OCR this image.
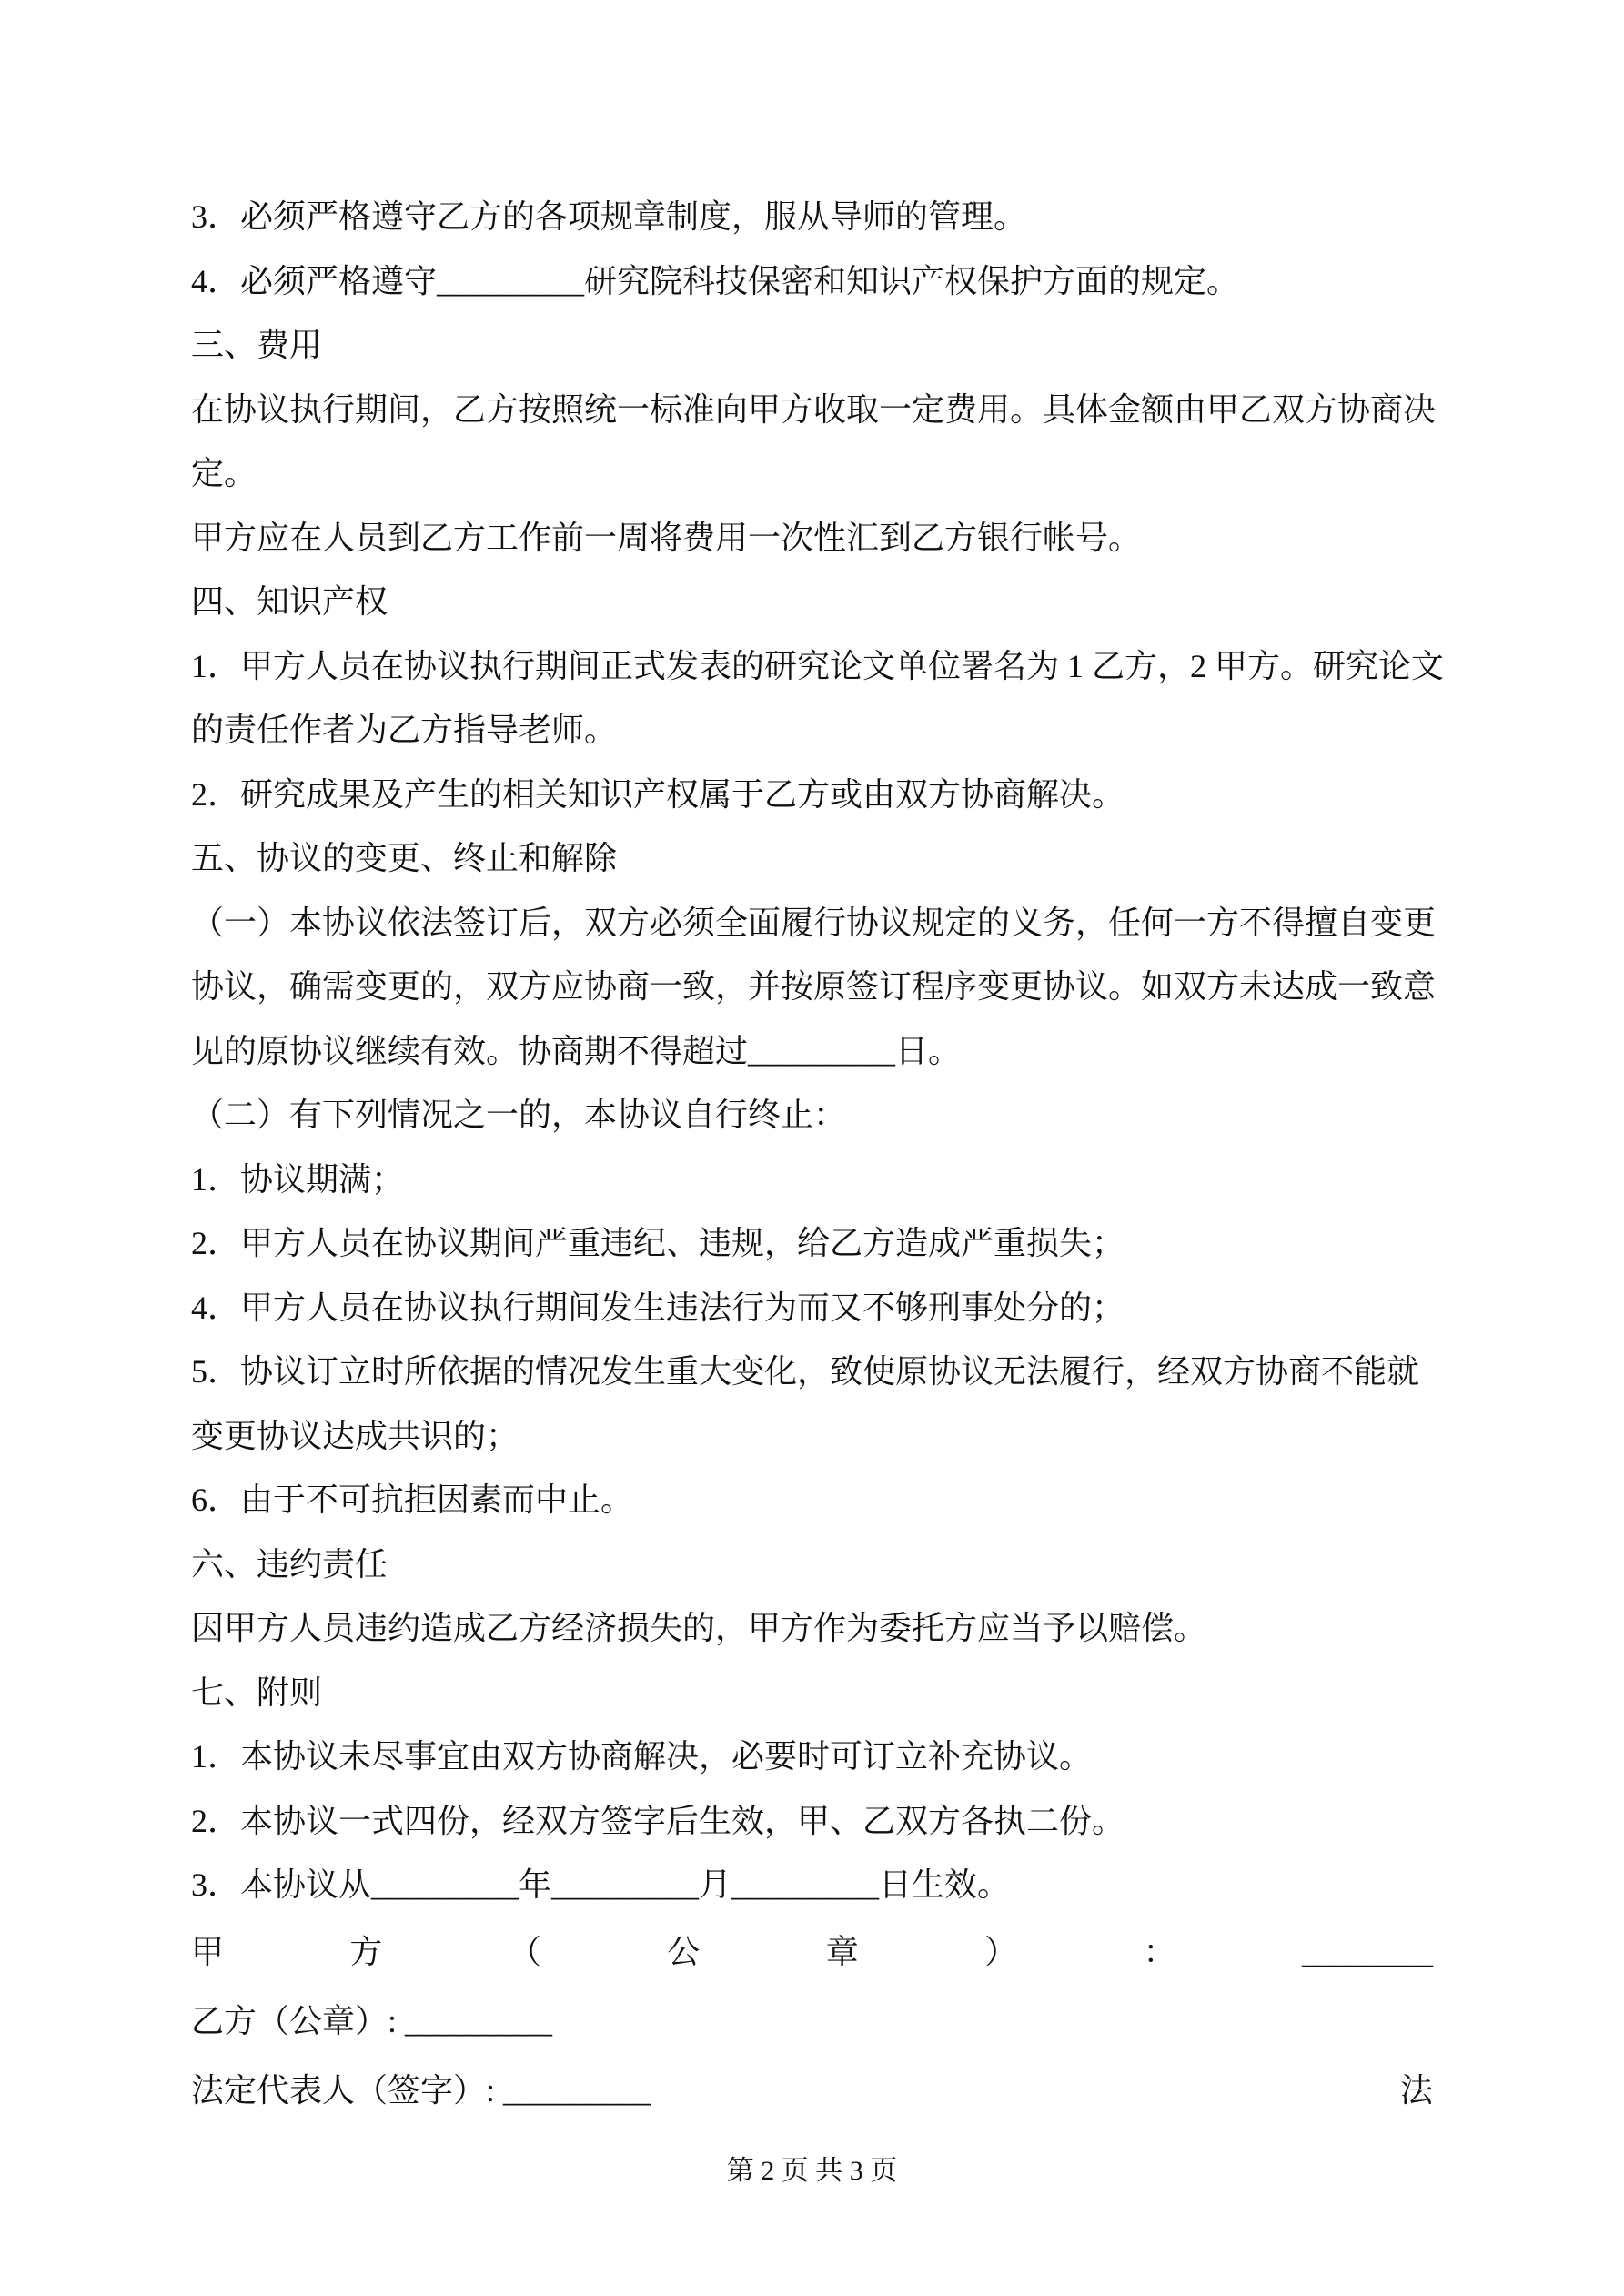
3．必须严格遵守乙方的各项规章制度，服从导师的管理。

4．必须严格遵守_________研究院科技保密和知识产权保护方面的规定。

三、费用

在协议执行期间，乙方按照统一标准向甲方收取一定费用。具体金额由甲乙双方协商决

定。

甲方应在人员到乙方工作前一周将费用一次性汇到乙方银行帐号。

四、知识产权

1．甲方人员在协议执行期间正式发表的研究论文单位署名为 1 乙方，2 甲方。研究论文

的责任作者为乙方指导老师。

2．研究成果及产生的相关知识产权属于乙方或由双方协商解决。

五、协议的变更、终止和解除

（一）本协议依法签订后，双方必须全面履行协议规定的义务，任何一方不得擅自变更

协议，确需变更的，双方应协商一致，并按原签订程序变更协议。如双方未达成一致意

见的原协议继续有效。协商期不得超过_________日。

（二）有下列情况之一的，本协议自行终止：

1．协议期满；

2．甲方人员在协议期间严重违纪、违规，给乙方造成严重损失；

4．甲方人员在协议执行期间发生违法行为而又不够刑事处分的；

5．协议订立时所依据的情况发生重大变化，致使原协议无法履行，经双方协商不能就

变更协议达成共识的；

6．由于不可抗拒因素而中止。

六、违约责任

因甲方人员违约造成乙方经济损失的，甲方作为委托方应当予以赔偿。

七、附则

1．本协议未尽事宜由双方协商解决，必要时可订立补充协议。

2．本协议一式四份，经双方签字后生效，甲、乙双方各执二份。

3．本协议从_________年_________月_________日生效。

甲	方	（	公	章	）	：	________

乙方（公章）: _________

法定代表人（签字）: _________	法

第 2 页 共 3 页
